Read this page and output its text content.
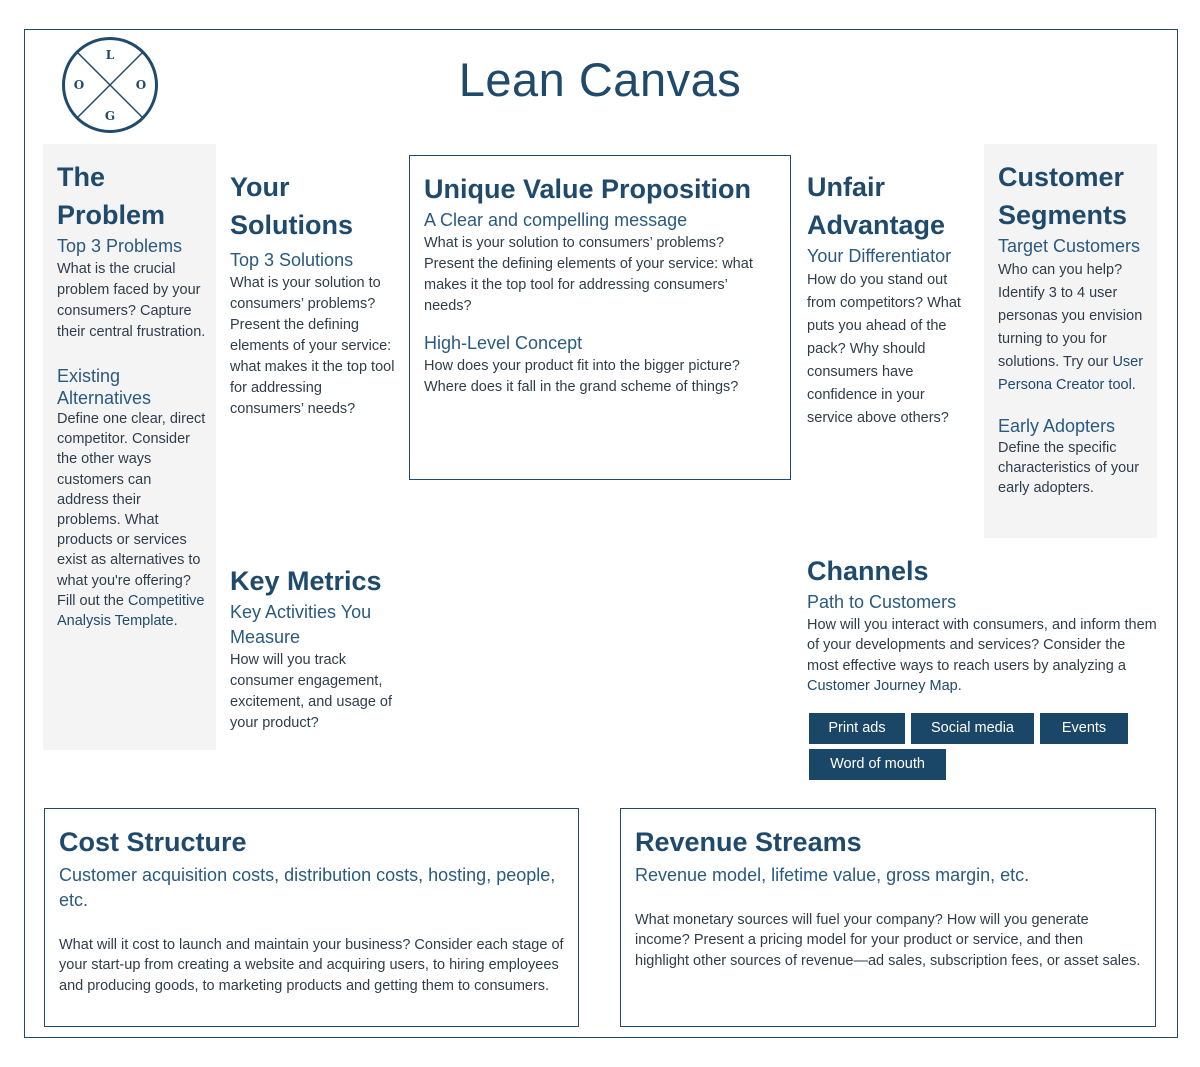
L
O	O
G
Lean Canvas
The
Problem
Top 3 Problems

What is the crucial problem faced by your consumers? Capture their central frustration.

Existing
Alternatives

Define one clear, direct competitor. Consider the other ways customers can address their problems. What products or services exist as alternatives to what you're offering? Fill out the Competitive Analysis Template.

Your
Solutions
Top 3 Solutions

What is your solution to consumers’ problems? Present the defining elements of your service: what makes it the top tool for addressing consumers’ needs?

Unique Value Proposition
A Clear and compelling message

What is your solution to consumers’ problems? Present the defining elements of your service: what makes it the top tool for addressing consumers’ needs?

High-Level Concept

How does your product fit into the bigger picture? Where does it fall in the grand scheme of things?

Unfair
Advantage
Your Differentiator

How do you stand out from competitors? What puts you ahead of the pack? Why should consumers have confidence in your service above others?

Customer
Segments
Target Customers

Who can you help? Identify 3 to 4 user personas you envision turning to you for solutions. Try our User Persona Creator tool.

Early Adopters

Define the specific characteristics of your early adopters.

Key Metrics
Key Activities You
Measure

How will you track consumer engagement, excitement, and usage of your product?

Channels
Path to Customers

How will you interact with consumers, and inform them of your developments and services? Consider the most effective ways to reach users by analyzing a Customer Journey Map.

Print ads	Social media	Events
Word of mouth
Cost Structure
Customer acquisition costs, distribution costs, hosting, people, etc.

What will it cost to launch and maintain your business? Consider each stage of your start-up from creating a website and acquiring users, to hiring employees and producing goods, to marketing products and getting them to consumers.

Revenue Streams
Revenue model, lifetime value, gross margin, etc.

What monetary sources will fuel your company? How will you generate income? Present a pricing model for your product or service, and then highlight other sources of revenue—ad sales, subscription fees, or asset sales.
